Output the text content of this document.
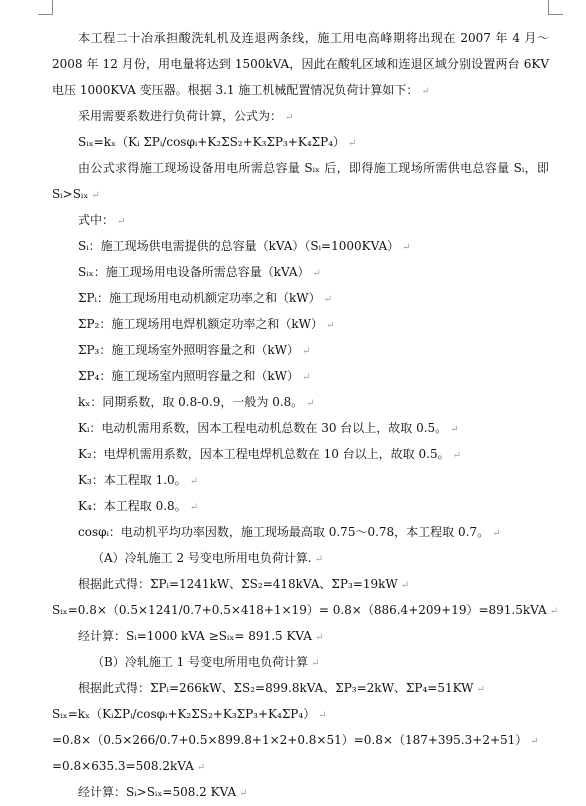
本工程二十冶承担酸洗轧机及连退两条线，施工用电高峰期将出现在 2007 年 4 月～
2008 年 12 月份，用电量将达到 1500kVA，因此在酸轧区域和连退区域分别设置两台 6KV
电压 1000KVA 变压器。根据 3.1 施工机械配置情况负荷计算如下： ↵
采用需要系数进行负荷计算，公式为： ↵
Sᵢₓ=kₓ（Kᵢ ΣPᵢ/cosφᵢ+K₂ΣS₂+K₃ΣP₃+K₄ΣP₄） ↵
由公式求得施工现场设备用电所需总容量 Sᵢₓ 后，即得施工现场所需供电总容量 Sᵢ，即
Sᵢ>Sᵢₓ ↵
式中： ↵
Sᵢ：施工现场供电需提供的总容量（kVA）（Sᵢ=1000KVA） ↵
Sᵢₓ：施工现场用电设备所需总容量（kVA） ↵
ΣPᵢ：施工现场用电动机额定功率之和（kW） ↵
ΣP₂：施工现场用电焊机额定功率之和（kW） ↵
ΣP₃：施工现场室外照明容量之和（kW） ↵
ΣP₄：施工现场室内照明容量之和（kW） ↵
kₓ：同期系数，取 0.8-0.9，一般为 0.8。 ↵
Kᵢ：电动机需用系数，因本工程电动机总数在 30 台以上，故取 0.5。 ↵
K₂：电焊机需用系数，因本工程电焊机总数在 10 台以上，故取 0.5。 ↵
K₃：本工程取 1.0。 ↵
K₄：本工程取 0.8。 ↵
cosφᵢ：电动机平均功率因数，施工现场最高取 0.75～0.78，本工程取 0.7。 ↵
（A）冷轧施工 2 号变电所用电负荷计算. ↵
根据此式得：ΣPᵢ=1241kW、ΣS₂=418kVA、ΣP₃=19kW ↵
Sᵢₓ=0.8×（0.5×1241/0.7+0.5×418+1×19）= 0.8×（886.4+209+19）=891.5kVA ↵
经计算：Sᵢ=1000 kVA ≥Sᵢₓ= 891.5 KVA ↵
（B）冷轧施工 1 号变电所用电负荷计算 ↵
根据此式得：ΣPᵢ=266kW、ΣS₂=899.8kVA、ΣP₃=2kW、ΣP₄=51KW ↵
Sᵢₓ=kₓ（KᵢΣPᵢ/cosφᵢ+K₂ΣS₂+K₃ΣP₃+K₄ΣP₄） ↵
=0.8×（0.5×266/0.7+0.5×899.8+1×2+0.8×51）=0.8×（187+395.3+2+51） ↵
=0.8×635.3=508.2kVA ↵
经计算：Sᵢ>Sᵢₓ=508.2 KVA ↵
